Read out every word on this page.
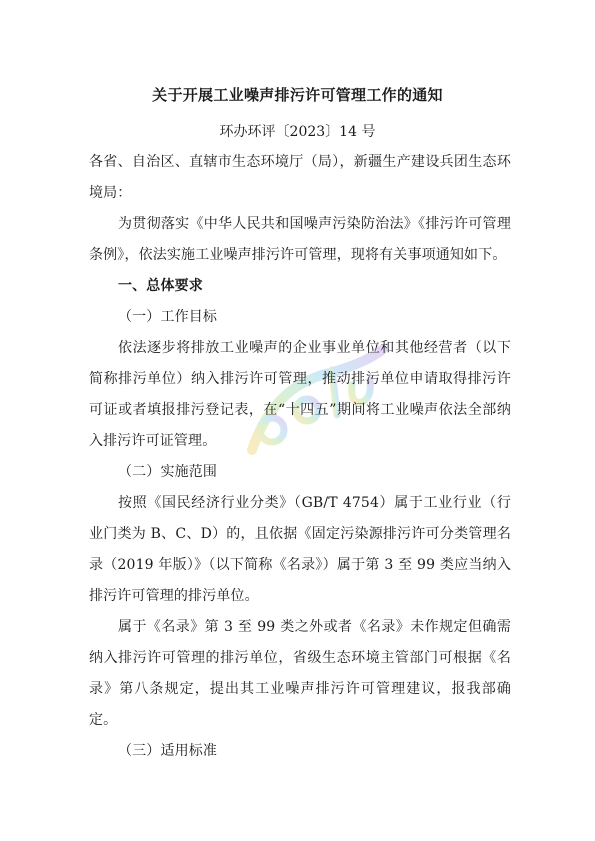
关于开展工业噪声排污许可管理工作的通知
环办环评〔2023〕14 号

各省、自治区、直辖市生态环境厅（局），新疆生产建设兵团生态环境局：

为贯彻落实《中华人民共和国噪声污染防治法》《排污许可管理条例》，依法实施工业噪声排污许可管理，现将有关事项通知如下。

一、总体要求

（一）工作目标

依法逐步将排放工业噪声的企业事业单位和其他经营者（以下简称排污单位）纳入排污许可管理，推动排污单位申请取得排污许可证或者填报排污登记表，在“十四五”期间将工业噪声依法全部纳入排污许可证管理。

（二）实施范围

按照《国民经济行业分类》（GB/T 4754）属于工业行业（行业门类为 B、C、D）的，且依据《固定污染源排污许可分类管理名录（2019 年版）》（以下简称《名录》）属于第 3 至 99 类应当纳入排污许可管理的排污单位。

属于《名录》第 3 至 99 类之外或者《名录》未作规定但确需纳入排污许可管理的排污单位，省级生态环境主管部门可根据《名录》第八条规定，提出其工业噪声排污许可管理建议，报我部确定。

（三）适用标准
